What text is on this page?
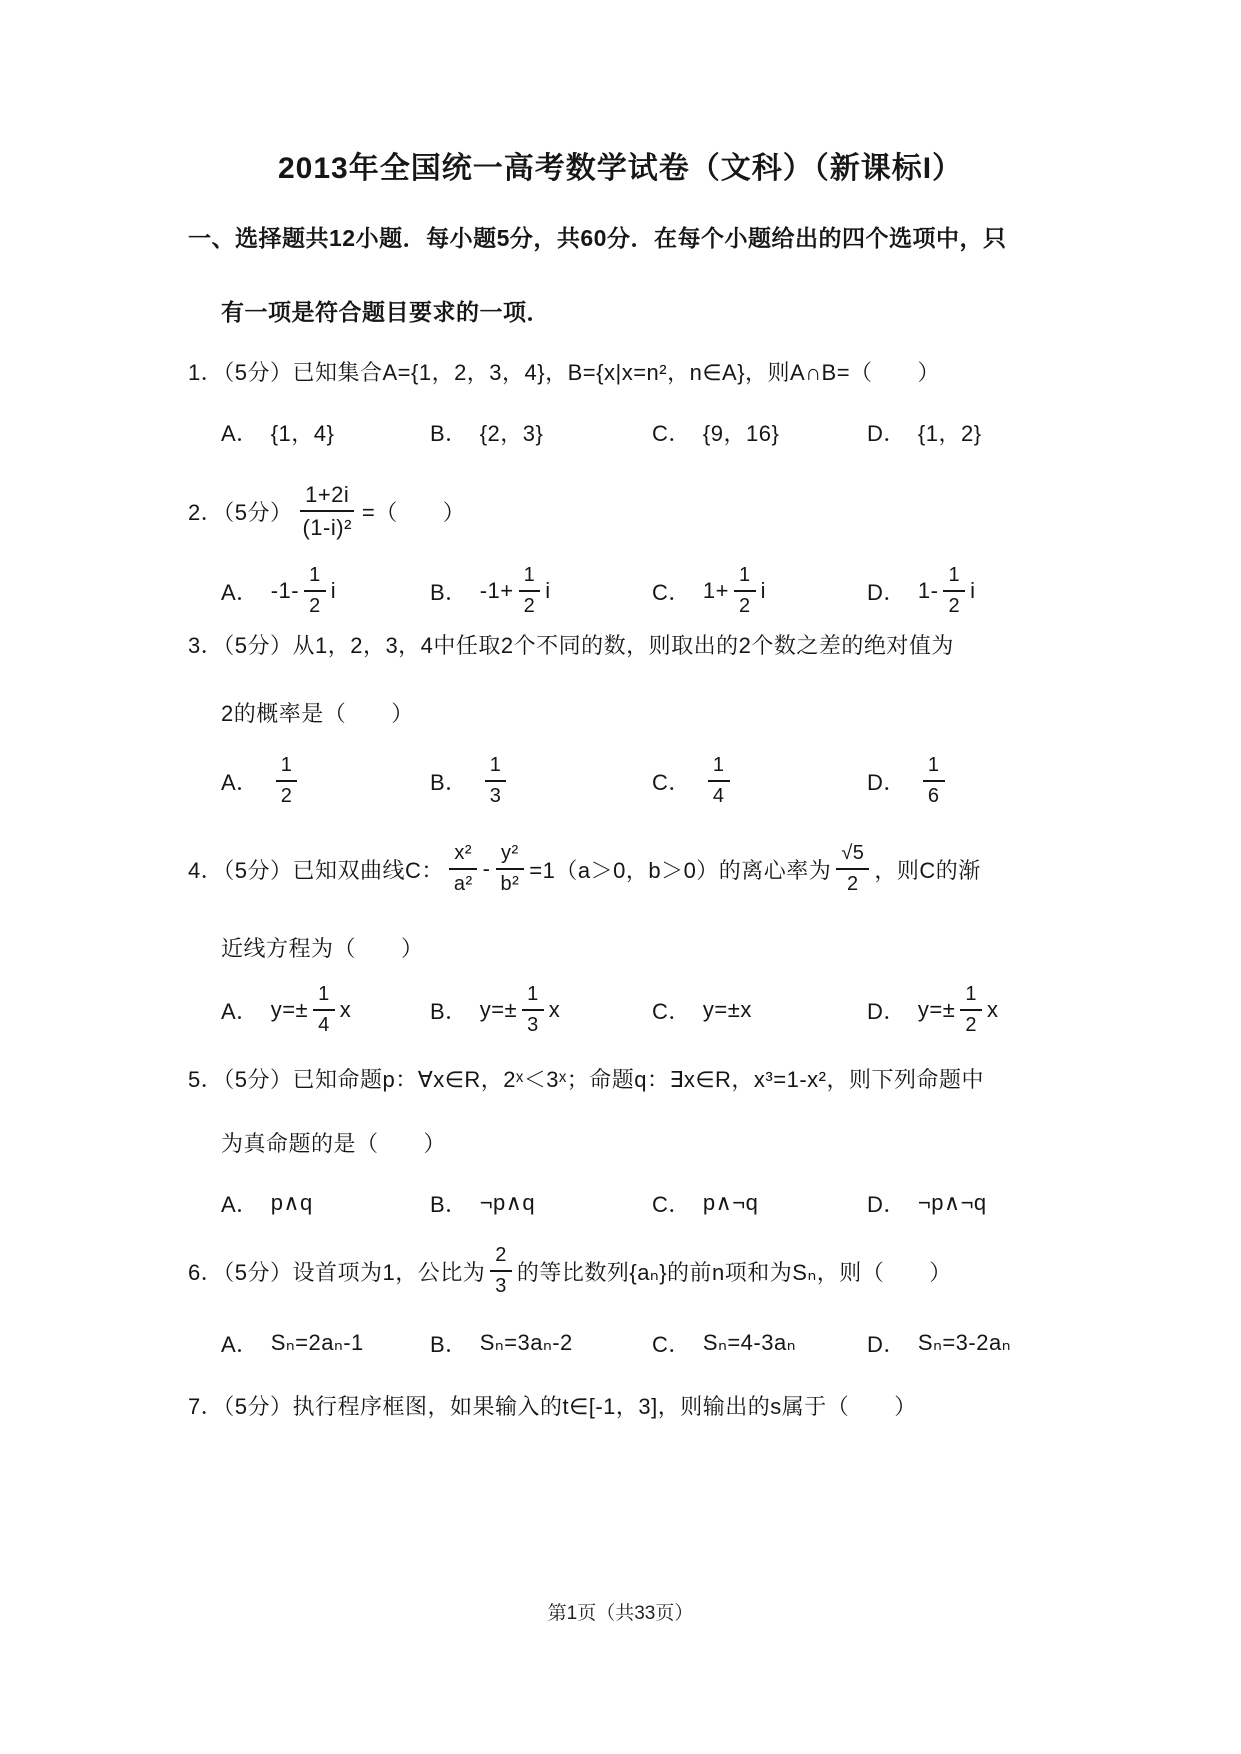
2013年全国统一高考数学试卷（文科）（新课标I）
一、选择题共12小题．每小题5分，共60分．在每个小题给出的四个选项中，只
有一项是符合题目要求的一项．
1．（5分）已知集合A={1，2，3，4}，B={x|x=n²，n∈A}，则A∩B=（　　）
A． {1，4}	B． {2，3}	C． {9，16}	D． {1，2}
2．（5分） $\frac{1+2i}{\text{(1-i)²}}$ =（　　）
A． $-1- \frac{1}{2}$ i	B． $-1+ \frac{1}{2}$ i	C． $1+ \frac{1}{2}$ i	D． $1- \frac{1}{2}$ i
3．（5分）从1，2，3，4中任取2个不同的数，则取出的2个数之差的绝对值为
2的概率是（　　）
A． $\frac{1}{2}$	B． $\frac{1}{3}$	C． $\frac{1}{4}$	D． $\frac{1}{6}$
4．（5分）已知双曲线C： $\frac{\text{x²}}{\text{a²}} - \frac{\text{y²}}{\text{b²}} =1(a>0$，b＞0）的离心率为 $\frac{√5}{2}$ ，则C的渐
近线方程为（　　）
A． $y=\pm \frac{1}{4}$ x	B． $y=\pm \frac{1}{3}$ x	C． y=±x	D． $y=\pm \frac{1}{2}$ x
5．（5分）已知命题p：∀x∈R，2ˣ＜3ˣ；命题q：∃x∈R，x³=1-x²，则下列命题中
为真命题的是（　　）
A． p∧q	B． ¬p∧q	C． p∧¬q	D． ¬p∧¬q
6．（5分）设首项为1，公比为 $\frac{2}{3}$ 的等比数列{aₙ}的前n项和为Sₙ，则（　　）
A． Sₙ=2aₙ-1	B． Sₙ=3aₙ-2	C． Sₙ=4-3aₙ	D． Sₙ=3-2aₙ
7．（5分）执行程序框图，如果输入的t∈[-1，3]，则输出的s属于（　　）
第1页（共33页）
